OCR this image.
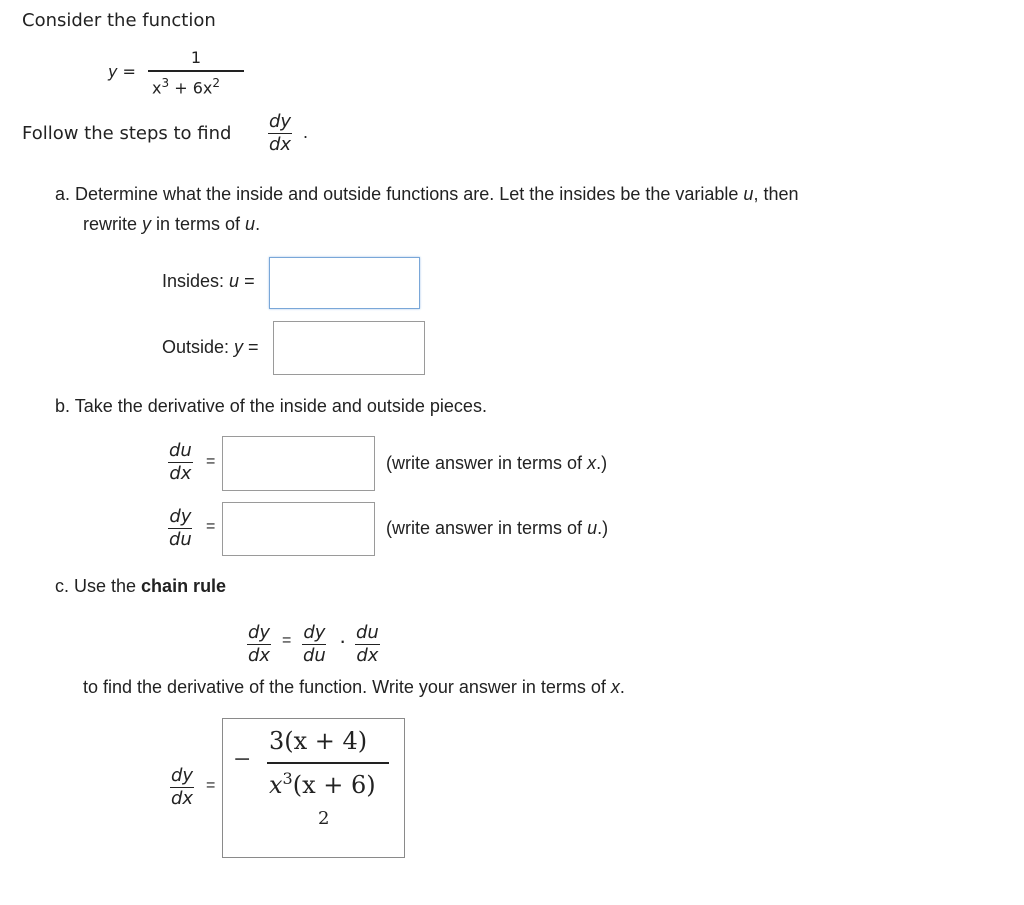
Consider the function
y =
1
$x^3 + 6x^2$
Follow the steps to find $\frac{dy}{dx}$ .
a. Determine what the inside and outside functions are. Let the insides be the variable u, then
rewrite y in terms of u.
Insides: u =
Outside: y =
b. Take the derivative of the inside and outside pieces.
$\frac{du}{dx}$ =	(write answer in terms of x.)
$\frac{dy}{du}$ =	(write answer in terms of u.)
c. Use the chain rule
$\frac{dy}{dx} = \frac{dy}{du} \cdot \frac{du}{dx}$
to find the derivative of the function. Write your answer in terms of x.
$\frac{dy}{dx}$ =
−
3(x + 4)
$x^3(x + 6)$
2
